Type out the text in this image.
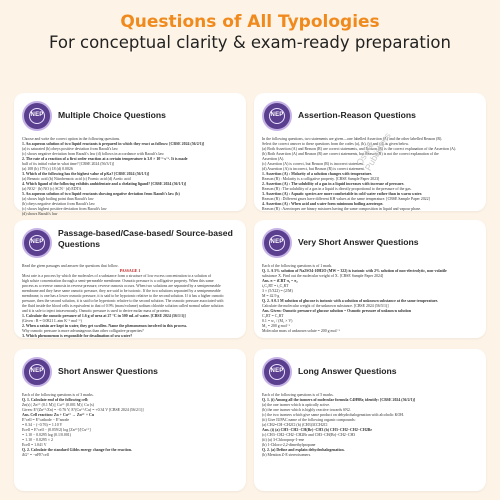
Questions of All Typologies
For conceptual clarity & exam-ready preparation
NEP	Multiple Choice Questions
Choose and write the correct option in the following questions.
1. An aqueous solution of two liquid reactants is prepared in which they react as follows: [CBSE 2024 (56/2/1)]
(a) is saturated (b) obeys positive deviation from Raoult's law
(c) shows negative deviation from Raoult's law (d) follows in accordance with Raoult's law
2. The rate of a reaction of a first order reaction at a certain temperature is 3.0 × 10⁻³ s⁻¹. It is made
half of its initial value in what time? [CBSE 2024 (56/3/1)]
(a) 108 (b) 179 (c) 18 (d) 0.0026
3. Which of the following has the highest value of pKa? [CBSE 2024 (56/1/1)]
(a) Benzoic acid (b) Nitrobenzoic acid (c) Formic acid (d) Acetic acid
4. Which ligand of the following exhibits ambidentate and a chelating ligand? [CBSE 2024 (56/1/1)]
(a) NO2⁻ (b) NO (c) SCN⁻ (d) EDTA
5. An aqueous solution of two liquid reactants showing negative deviation from Raoult's law (b)
(a) shows high boiling point than Raoult's law
(b) obeys negative deviation from Raoult's law
(c) shows highest positive deviation from Raoult's law
(d) shows Raoult's law
NEP	Assertion-Reason Questions
In the following questions, two statements are given—one labelled Assertion (A) and the other labelled Reason (R).
Select the correct answer to these questions from the codes (a), (b), (c) and (d) as given below.
(a) Both Assertion (A) and Reason (R) are correct statements, and Reason (R) is the correct explanation of the Assertion (A).
(b) Both Assertion (A) and Reason (R) are correct statements, but Reason (R) is not the correct explanation of the
Assertion (A).
(c) Assertion (A) is correct, but Reason (R) is incorrect statement.
(d) Assertion (A) is incorrect, but Reason (R) is correct statement.
1. Assertion (A) : Molarity of a solution changes with temperature.
Reason (R) : Molarity is a colligative property. [CBSE Sample Paper 2023]
2. Assertion (A) : The solubility of a gas in a liquid increases with increase of pressure.
Reason (R) : The solubility of a gas in a liquid is directly proportional to the pressure of the gas.
3. Assertion (A) : Aquatic species are more comfortable in cold water rather than in warm water.
Reason (R) : Different gases have different KH values at the same temperature. [CBSE Sample Paper 2022]
4. Assertion (A) : When acid and water form minimum boiling azeotrope.
Reason (R) : Azeotropes are binary mixtures having the same composition in liquid and vapour phase.
NEP
Passage-based/Case-based/ Source-based Questions
Read the given passages and answer the questions that follow.
PASSAGE 1
Most rate is a process by which the molecules of a substance form a structure of low excess concentration to a solution of
high solute concentration through a semi-permeable membrane. Osmotic pressure is a colligative property. When this same
process as a reverse osmosis in reverse pressure, reverse osmosis occurs. When two solutions are separated by a semipermeable
membrane and they have same osmotic pressure, they are said to be isotonic. If the two solutions separated by a semipermeable
membrane, is one has a lower osmotic pressure, it is said to be hypotonic relative to the second solution. If it has a higher osmotic
pressure, then the second solution, it is said to be hypertonic relative to the second solution. The osmotic pressure associated with
the fluid inside the blood cells is equivalent to that of 0.9% (mass/volume) sodium chloride solution called normal saline solution
and it is safe to inject intravenously. Osmotic pressure is used to derive molar mass of proteins.
1. Calculate the osmotic pressure of 1.6 g of urea at 27 °C in 500 mL of water. [CBSE 2024 (56/1/1)]
(Given : R = 0.0821 L atm K⁻¹ mol⁻¹)
2. When a raisin are kept in water, they get swollen. Name the phenomenon involved in this process.
Why osmotic pressure is more advantageous than other colligative properties?
3. Which phenomenon is responsible for desalination of sea water?
NEP	Very Short Answer Questions
Each of the following questions is of 1 mark.
Q. 1. A 5% solution of Na2SO4·10H2O (MW = 322) is isotonic with 2% solution of non-electrolytic, non-volatile
substance X. Find out the molecular weight of X. [CBSE Sample Paper 2024]
Ans. π = iCRT π₁ = π₂
i₁C₁RT = i₂C₂RT
3 × (5/322) = (2/M)
M = 42.9 g
Q. 2. A 0.1 M solution of glucose is isotonic with a solution of unknown substance at the same temperature.
Calculate the molecular weight of the unknown substance. [CBSE 2024 (56/5/1)]
Ans. Given: Osmotic pressure of glucose solution = Osmotic pressure of unknown solution
C₁RT = C₂RT
0.1 = w₂ / (M₂ × V)
M₂ = 200 g mol⁻¹
Molecular mass of unknown solute = 200 g mol⁻¹
NEP	Short Answer Questions
Each of the following questions is of 3 marks.
Q. 1. Calculate emf of the following cell:
Zn(s) | Zn²⁺ (0.1 M) || Cu²⁺ (0.001 M) | Cu (s)
Given: E°(Zn²⁺/Zn) = −0.76 V, E°(Cu²⁺/Cu) = +0.34 V [CBSE 2024 (56/2/1)]
Ans. Cell reaction: Zn + Cu²⁺ → Zn²⁺ + Cu
E°cell = E°cathode − E°anode
= 0.34 − (−0.76) = 1.10 V
Ecell = E°cell − (0.059/2) log [Zn²⁺]/[Cu²⁺]
= 1.10 − 0.0295 log (0.1/0.001)
= 1.10 − 0.0295 × 2
Ecell = 1.041 V
Q. 2. Calculate the standard Gibbs energy change for the reaction.
ΔG° = −nFE°cell
NEP	Long Answer Questions
Each of the following questions is of 5 marks.
Q. 1. (i) Among all the isomers of molecular formula C4H9Br, identify: [CBSE 2024 (56/2/1)]
(a) the one isomer which is optically active.
(b) the one isomer which is highly reactive towards SN2.
(c) the two isomers which give same product on dehydrohalogenation with alcoholic KOH.
(ii) Give IUPAC name of the following organic compounds:
(a) CH2=CH−CH2Cl (b) (CH3)3CCH2Cl
Ans. (i) (a) CH3−CH2−CH(Br)−CH3 (b) CH3−CH2−CH2−CH2Br
(c) CH3−CH2−CH2−CH2Br and CH3−CH(Br)−CH2−CH3
(ii) (a) 3-Chloroprop-1-ene
(b) 1-Chloro-2,2-dimethylpropane
Q. 2. (a) Define and explain dehydrohalogenation.
(b) Mention Z-E stereoisomers.
Oswal Publishers
